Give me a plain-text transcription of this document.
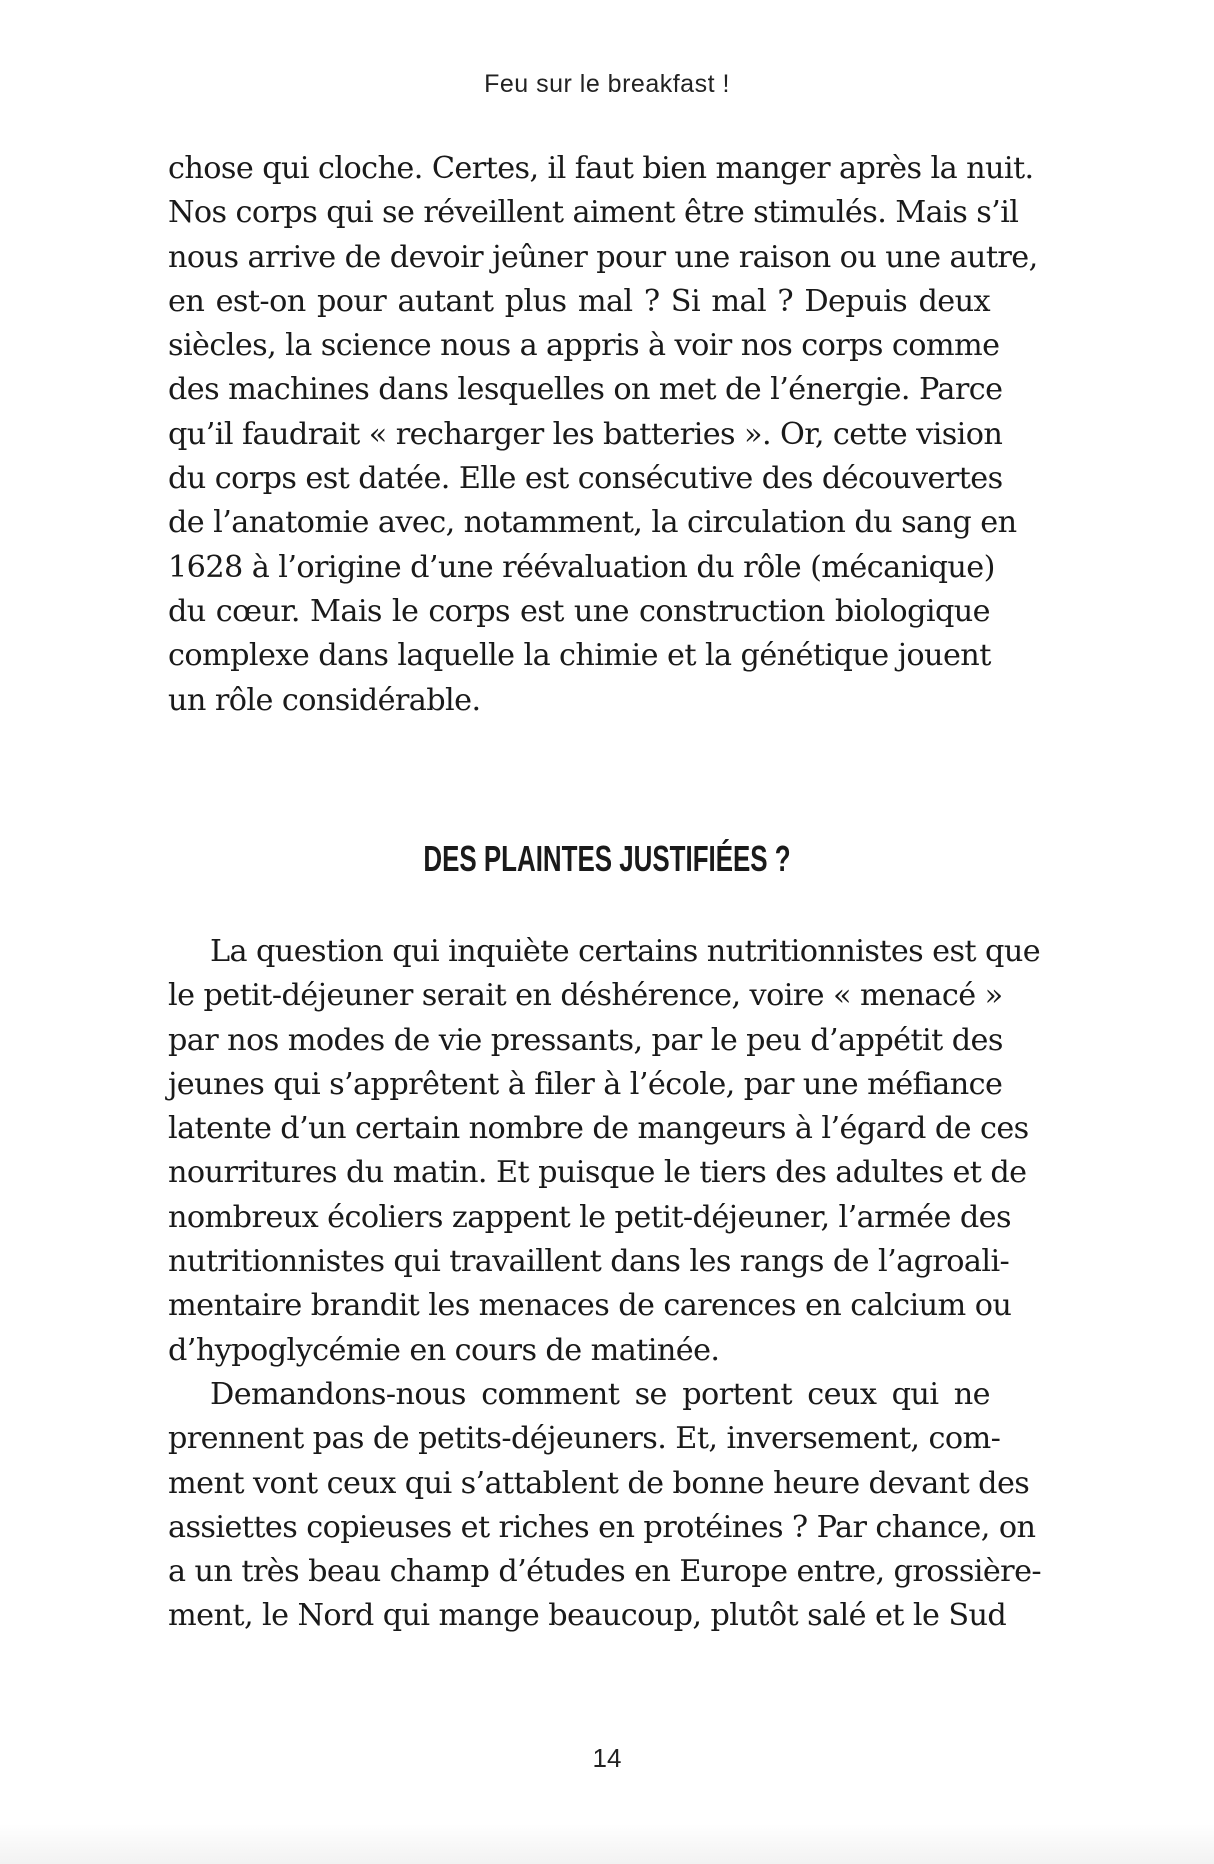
Feu sur le breakfast !
chose qui cloche. Certes, il faut bien manger après la nuit.
Nos corps qui se réveillent aiment être stimulés. Mais s’il
nous arrive de devoir jeûner pour une raison ou une autre,
en est-on pour autant plus mal ? Si mal ? Depuis deux
siècles, la science nous a appris à voir nos corps comme
des machines dans lesquelles on met de l’énergie. Parce
qu’il faudrait « recharger les batteries ». Or, cette vision
du corps est datée. Elle est consécutive des découvertes
de l’anatomie avec, notamment, la circulation du sang en
1628 à l’origine d’une réévaluation du rôle (mécanique)
du cœur. Mais le corps est une construction biologique
complexe dans laquelle la chimie et la génétique jouent
un rôle considérable.
DES PLAINTES JUSTIFIÉES ?
La question qui inquiète certains nutritionnistes est que
le petit-déjeuner serait en déshérence, voire « menacé »
par nos modes de vie pressants, par le peu d’appétit des
jeunes qui s’apprêtent à filer à l’école, par une méfiance
latente d’un certain nombre de mangeurs à l’égard de ces
nourritures du matin. Et puisque le tiers des adultes et de
nombreux écoliers zappent le petit-déjeuner, l’armée des
nutritionnistes qui travaillent dans les rangs de l’agroali-
mentaire brandit les menaces de carences en calcium ou
d’hypoglycémie en cours de matinée.
Demandons-nous comment se portent ceux qui ne
prennent pas de petits-déjeuners. Et, inversement, com-
ment vont ceux qui s’attablent de bonne heure devant des
assiettes copieuses et riches en protéines ? Par chance, on
a un très beau champ d’études en Europe entre, grossière-
ment, le Nord qui mange beaucoup, plutôt salé et le Sud
14
